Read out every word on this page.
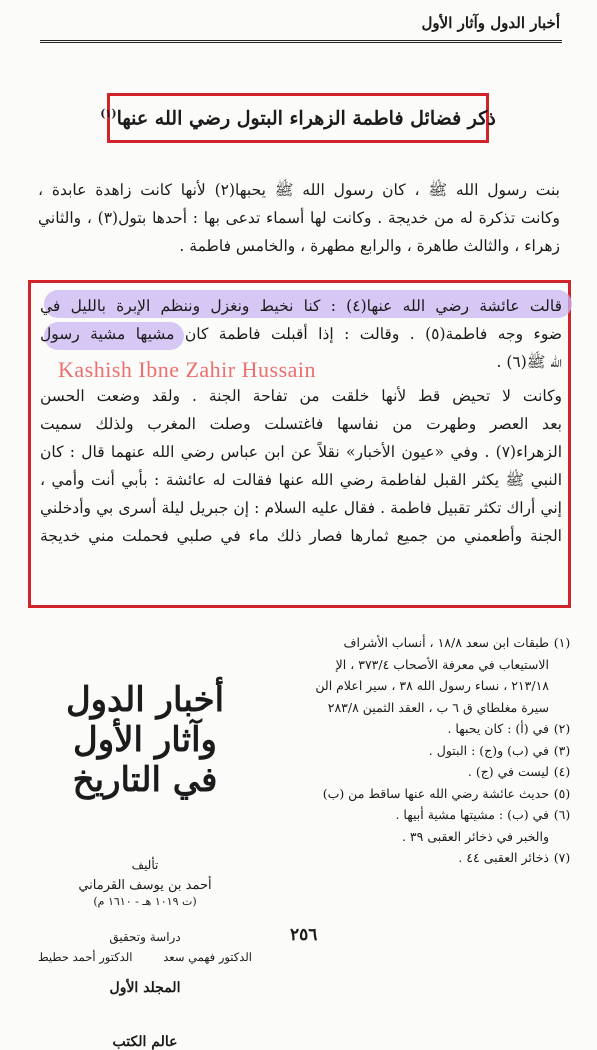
أخبار الدول وآثار الأول
ذكر فضائل فاطمة الزهراء البتول رضي الله عنها$^{(١)}$
بنت رسول الله ﷺ ، كان رسول الله ﷺ يحبها(٢) لأنها كانت زاهدة عابدة ،
وكانت تذكرة له من خديجة . وكانت لها أسماء تدعى بها : أحدها بتول(٣) ، والثاني
زهراء ، والثالث طاهرة ، والرابع مطهرة ، والخامس فاطمة .
قالت عائشة رضي الله عنها(٤) : كنا نخيط ونغزل وننظم الإبرة بالليل في
ضوء وجه فاطمة(٥) . وقالت : إذا أقبلت فاطمة كان مشيها مشية رسول
الله ﷺ(٦) .
وكانت لا تحيض قط لأنها خلقت من تفاحة الجنة . ولقد وضعت الحسن
بعد العصر وطهرت من نفاسها فاغتسلت وصلت المغرب ولذلك سميت
الزهراء(٧) . وفي «عيون الأخبار» نقلاً عن ابن عباس رضي الله عنهما قال : كان
النبي ﷺ يكثر القبل لفاطمة رضي الله عنها فقالت له عائشة : بأبي أنت وأمي ،
إني أراك تكثر تقبيل فاطمة . فقال عليه السلام : إن جبريل ليلة أسرى بي وأدخلني
الجنة وأطعمني من جميع ثمارها فصار ذلك ماء في صلبي فحملت مني خديجة
Kashish Ibne Zahir Hussain
(١)
طبقات ابن سعد ١٨/٨ ، أنساب الأشراف
الاستيعاب في معرفة الأصحاب ٣٧٣/٤ ، الإ
٢١٣/١٨ ، نساء رسول الله ٣٨ ، سير اعلام الن
سيرة مغلطاي ق ٦ ب ، العقد الثمين ٢٨٣/٨
(٢)
في (أ) : كان يحبها .
(٣)
في (ب) و(ج) : البتول .
(٤)
ليست في (ج) .
(٥)
حديث عائشة رضي الله عنها ساقط من (ب)
(٦)
في (ب) : مشيتها مشية أبيها .
والخبر في ذخائر العقبى ٣٩ .
(٧)
ذخائر العقبى ٤٤ .
أخبار الدول وآثار الأول
في التاريخ
تأليف
أحمد بن يوسف القرماني
(ت ١٠١٩ هـ - ١٦١٠ م)
دراسة وتحقيق
الدكتور فهمي سعد
الدكتور أحمد حطيط
المجلد الأول
عالم الكتب
٢٥٦
